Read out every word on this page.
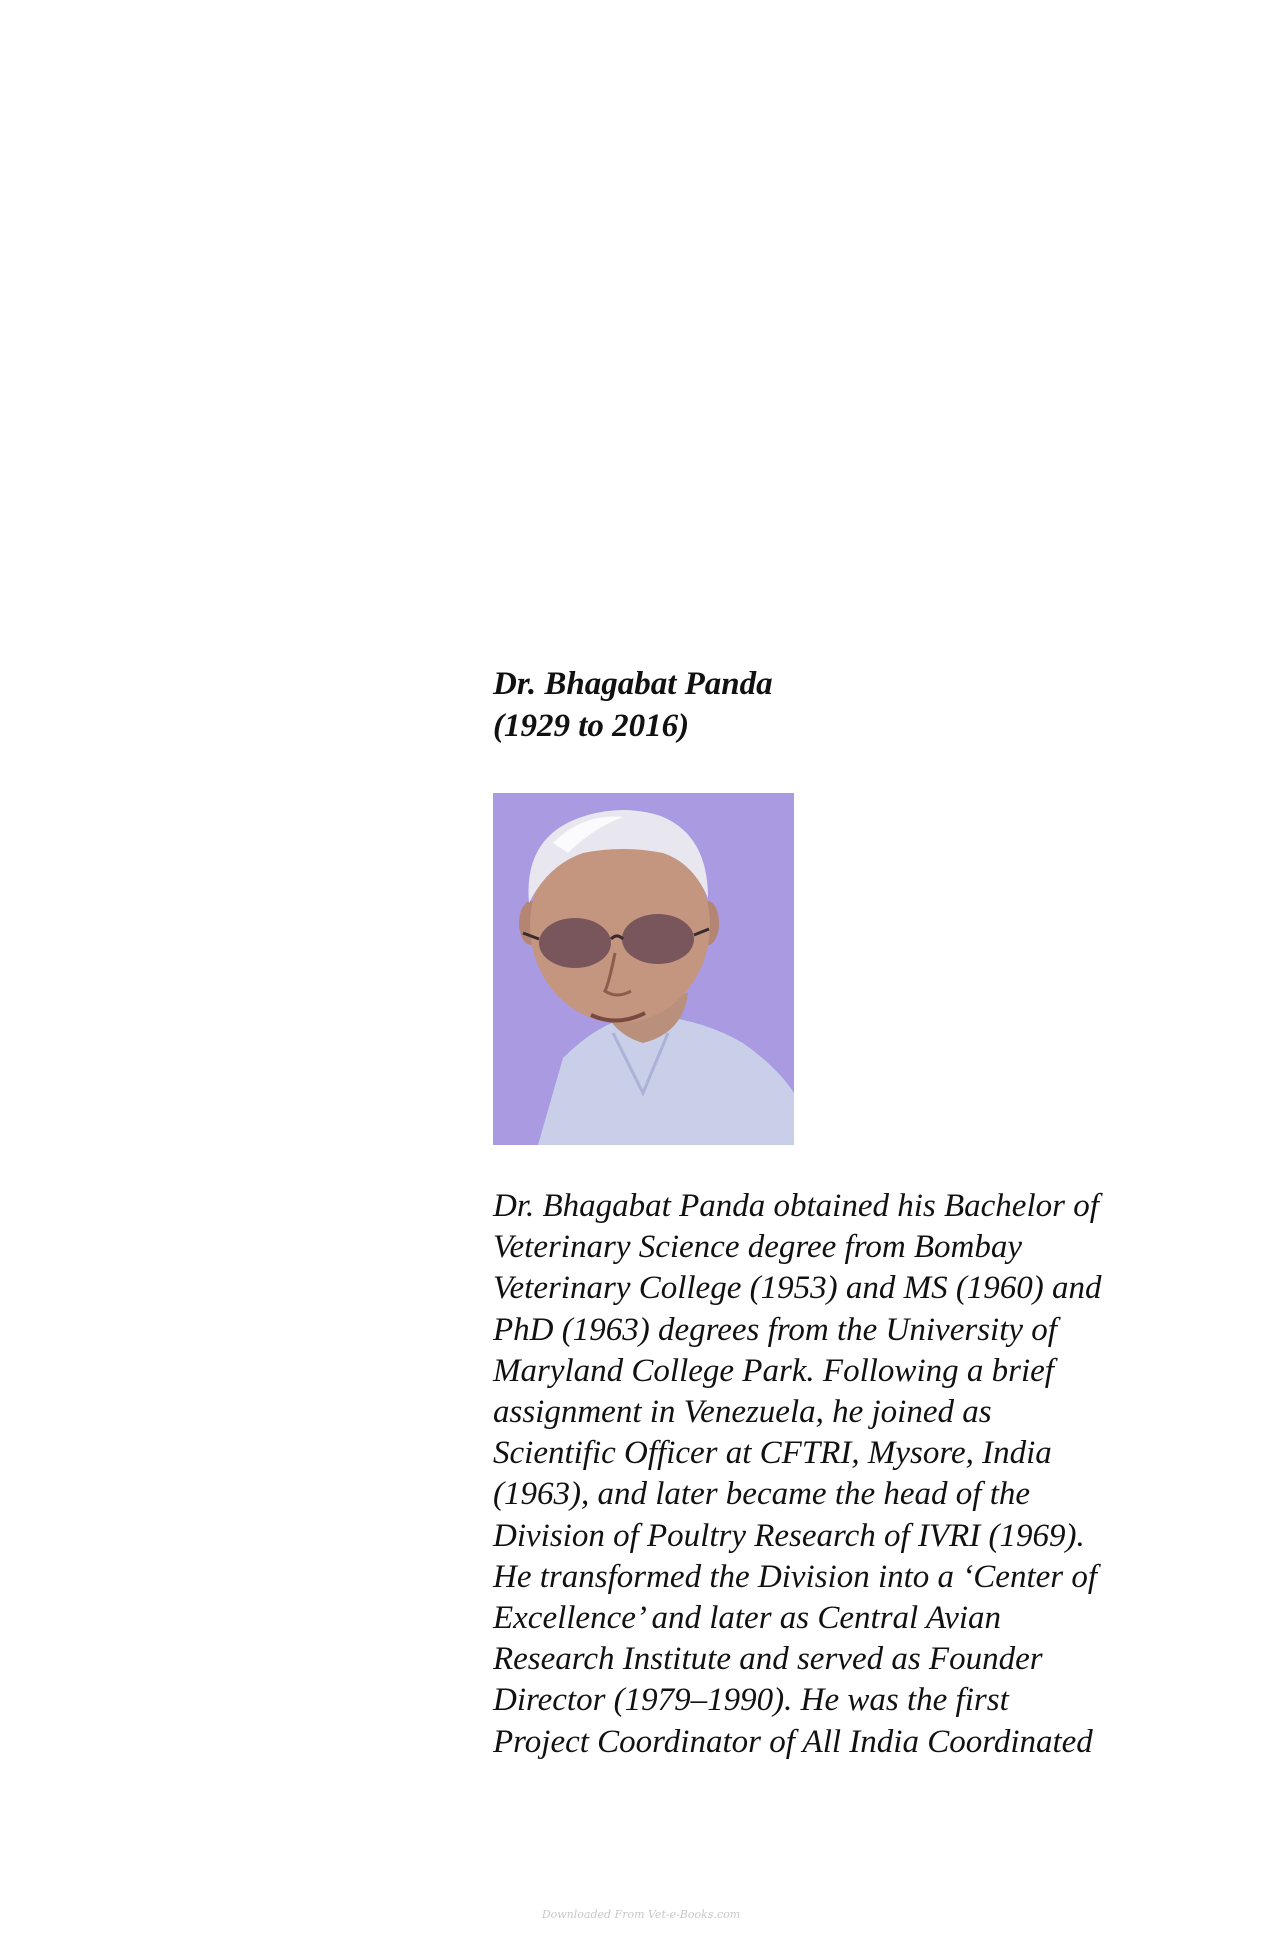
Dr. Bhagabat Panda
(1929 to 2016)
Dr. Bhagabat Panda obtained his Bachelor of
Veterinary Science degree from Bombay
Veterinary College (1953) and MS (1960) and
PhD (1963) degrees from the University of
Maryland College Park. Following a brief
assignment in Venezuela, he joined as
Scientific Officer at CFTRI, Mysore, India
(1963), and later became the head of the
Division of Poultry Research of IVRI (1969).
He transformed the Division into a ‘Center of
Excellence’ and later as Central Avian
Research Institute and served as Founder
Director (1979–1990). He was the first
Project Coordinator of All India Coordinated
Downloaded From Vet-e-Books.com
